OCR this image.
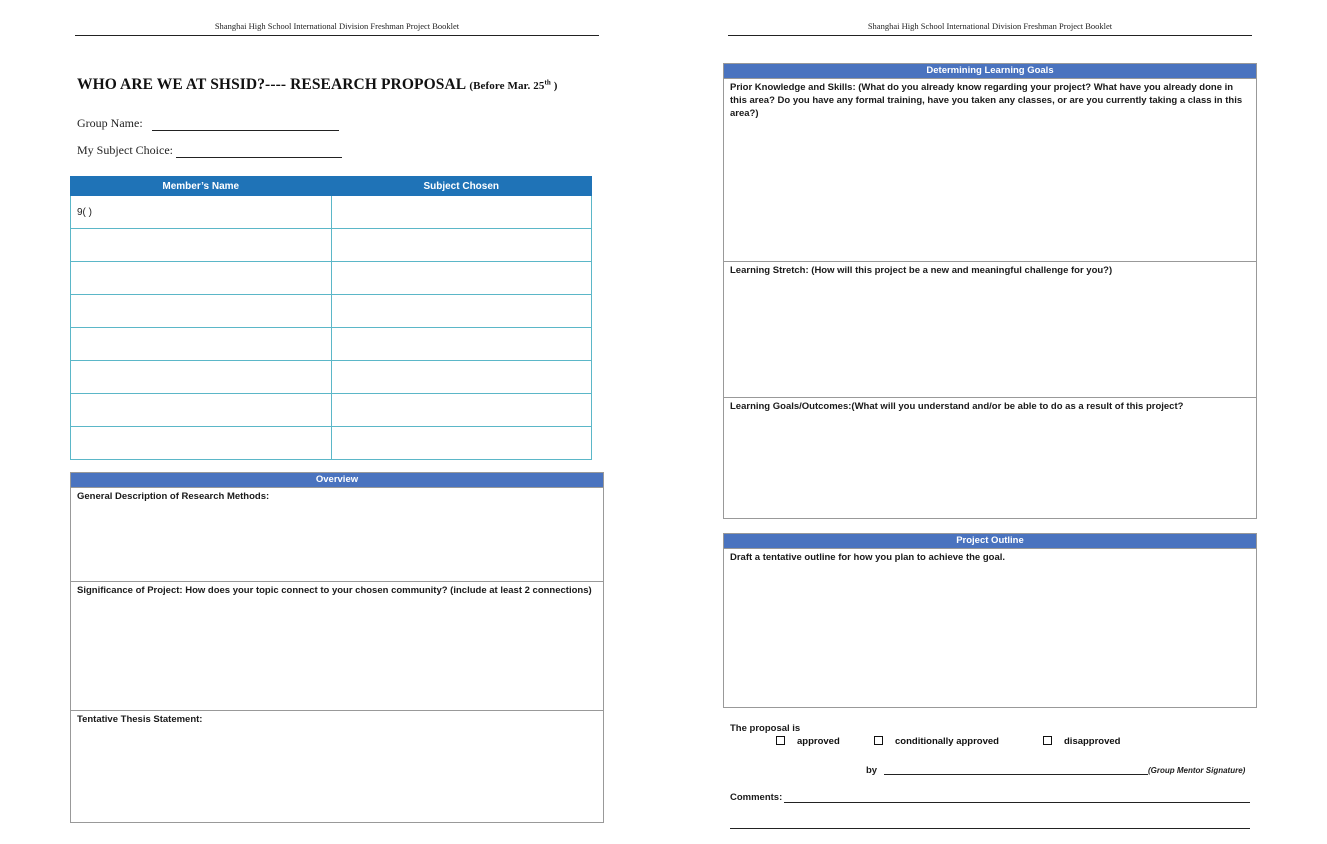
Shanghai High School International Division Freshman Project Booklet	Shanghai High School International Division Freshman Project Booklet
WHO ARE WE AT SHSID?---- RESEARCH PROPOSAL (Before Mar. 25th )
Group Name:
My Subject Choice:
Member’s Name	Subject Chosen
9( )	

Overview
General Description of Research Methods:
Significance of Project: How does your topic connect to your chosen community? (include at least 2 connections)
Tentative Thesis Statement:
Determining Learning Goals
Prior Knowledge and Skills: (What do you already know regarding your project? What have you already done in this area? Do you have any formal training, have you taken any classes, or are you currently taking a class in this area?)
Learning Stretch: (How will this project be a new and meaningful challenge for you?)
Learning Goals/Outcomes:(What will you understand and/or be able to do as a result of this project?
Project Outline
Draft a tentative outline for how you plan to achieve the goal.
The proposal is
approved	conditionally approved	disapproved
by	(Group Mentor Signature)
Comments:
